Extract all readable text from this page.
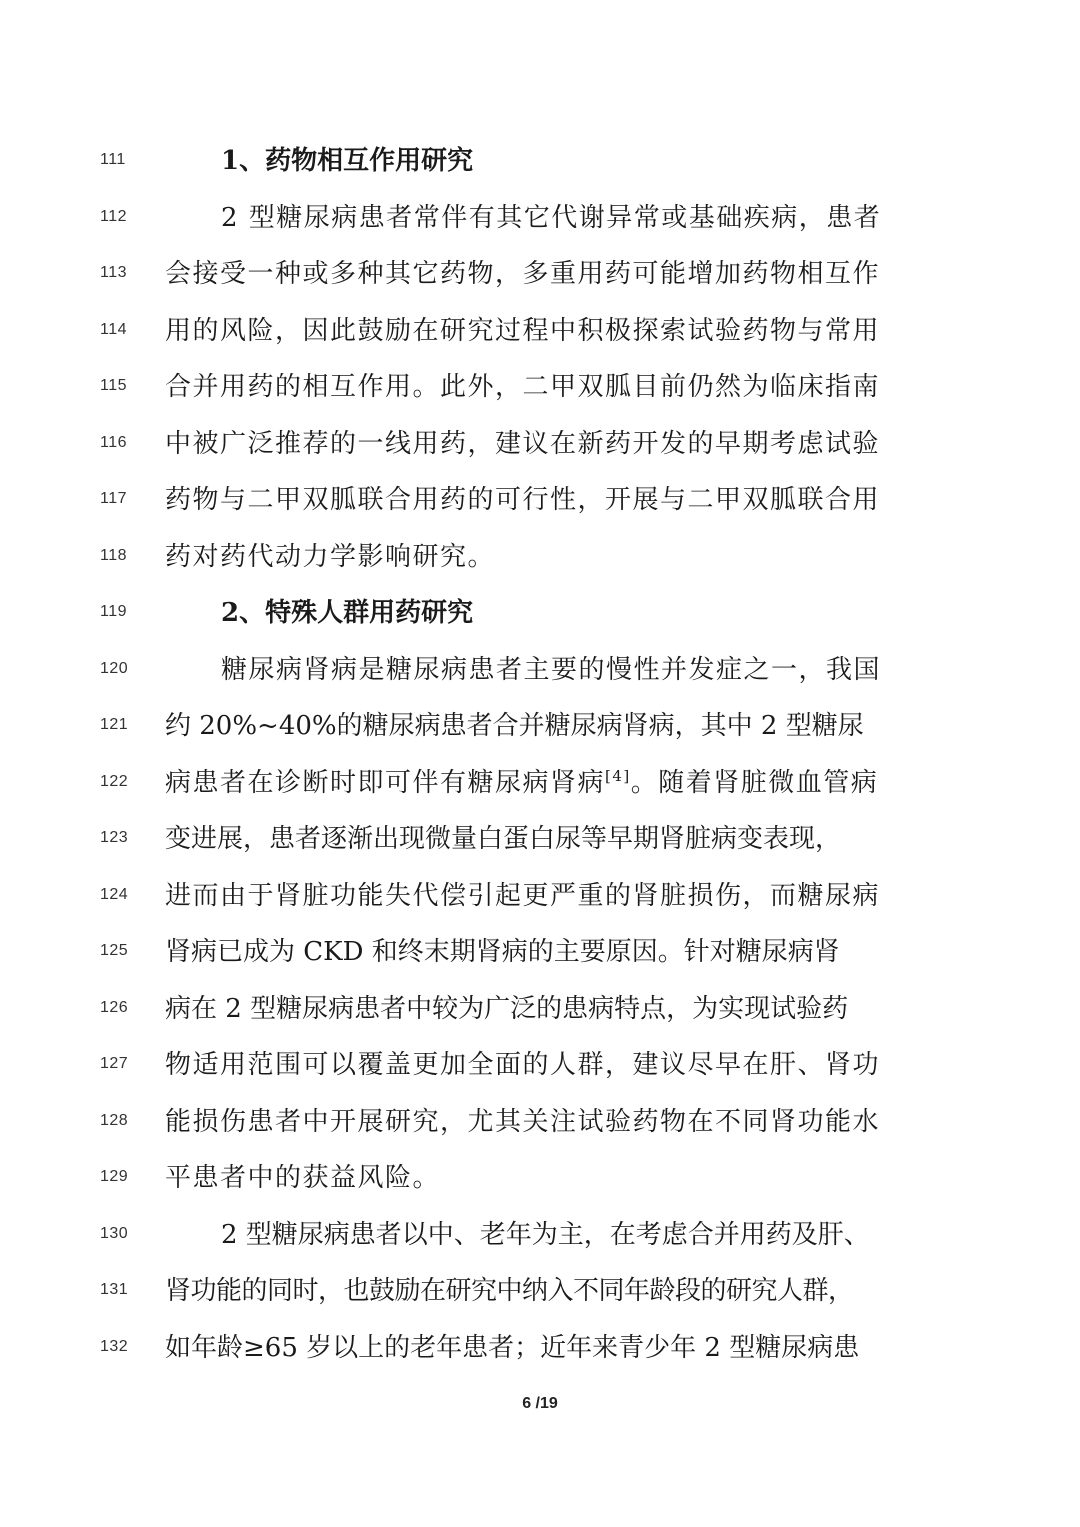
111	1、药物相互作用研究
112	2 型糖尿病患者常伴有其它代谢异常或基础疾病，患者
113	会接受一种或多种其它药物，多重用药可能增加药物相互作
114	用的风险，因此鼓励在研究过程中积极探索试验药物与常用
115	合并用药的相互作用。此外，二甲双胍目前仍然为临床指南
116	中被广泛推荐的一线用药，建议在新药开发的早期考虑试验
117	药物与二甲双胍联合用药的可行性，开展与二甲双胍联合用
118	药对药代动力学影响研究。
119	2、特殊人群用药研究
120	糖尿病肾病是糖尿病患者主要的慢性并发症之一，我国
121	约 20%~40%的糖尿病患者合并糖尿病肾病，其中 2 型糖尿
122	病患者在诊断时即可伴有糖尿病肾病[4]。随着肾脏微血管病
123	变进展，患者逐渐出现微量白蛋白尿等早期肾脏病变表现，
124	进而由于肾脏功能失代偿引起更严重的肾脏损伤，而糖尿病
125	肾病已成为 CKD 和终末期肾病的主要原因。针对糖尿病肾
126	病在 2 型糖尿病患者中较为广泛的患病特点，为实现试验药
127	物适用范围可以覆盖更加全面的人群，建议尽早在肝、肾功
128	能损伤患者中开展研究，尤其关注试验药物在不同肾功能水
129	平患者中的获益风险。
130	2 型糖尿病患者以中、老年为主，在考虑合并用药及肝、
131	肾功能的同时，也鼓励在研究中纳入不同年龄段的研究人群，
132	如年龄≥65 岁以上的老年患者；近年来青少年 2 型糖尿病患
6 /19
